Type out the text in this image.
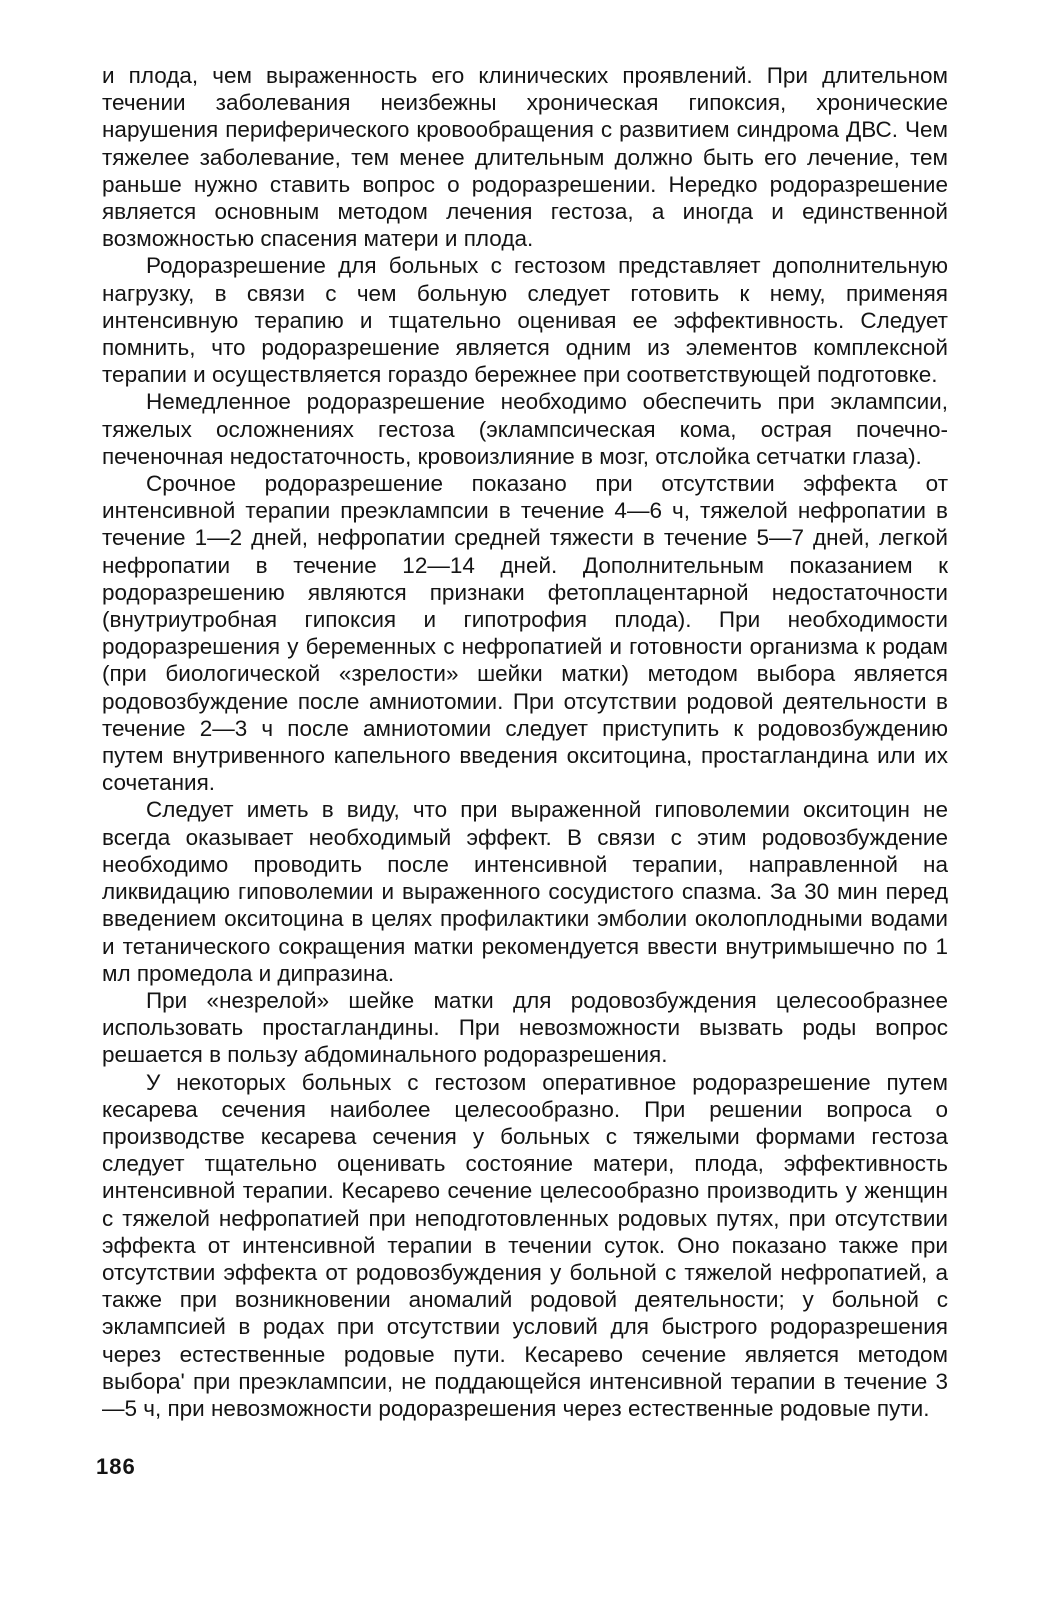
и плода, чем выраженность его клинических проявлений. При длительном течении заболевания неизбежны хроническая гипоксия, хронические нарушения периферического кровообращения с развитием синдрома ДВС. Чем тяжелее заболевание, тем менее длительным должно быть его лечение, тем раньше нужно ставить вопрос о родоразрешении. Нередко родоразрешение является основным методом лечения гестоза, а иногда и единственной возможностью спасения матери и плода.

Родоразрешение для больных с гестозом представляет дополнительную нагрузку, в связи с чем больную следует готовить к нему, применяя интенсивную терапию и тщательно оценивая ее эффективность. Следует помнить, что родоразрешение является одним из элементов комплексной терапии и осуществляется гораздо бережнее при соответствующей подготовке.

Немедленное родоразрешение необходимо обеспечить при эклампсии, тяжелых осложнениях гестоза (эклампсическая кома, острая почечно-печеночная недостаточность, кровоизлияние в мозг, отслойка сетчатки глаза).

Срочное родоразрешение показано при отсутствии эффекта от интенсивной терапии преэклампсии в течение 4—6 ч, тяжелой нефропатии в течение 1—2 дней, нефропатии средней тяжести в течение 5—7 дней, легкой нефропатии в течение 12—14 дней. Дополнительным показанием к родоразрешению являются признаки фетоплацентарной недостаточности (внутриутробная гипоксия и гипотрофия плода). При необходимости родоразрешения у беременных с нефропатией и готовности организма к родам (при биологической «зрелости» шейки матки) методом выбора является родовозбуждение после амниотомии. При отсутствии родовой деятельности в течение 2—3 ч после амниотомии следует приступить к родовозбуждению путем внутривенного капельного введения окситоцина, простагландина или их сочетания.

Следует иметь в виду, что при выраженной гиповолемии окситоцин не всегда оказывает необходимый эффект. В связи с этим родовозбуждение необходимо проводить после интенсивной терапии, направленной на ликвидацию гиповолемии и выраженного сосудистого спазма. За 30 мин перед введением окситоцина в целях профилактики эмболии околоплодными водами и тетанического сокращения матки рекомендуется ввести внутримышечно по 1 мл промедола и дипразина.

При «незрелой» шейке матки для родовозбуждения целесообразнее использовать простагландины. При невозможности вызвать роды вопрос решается в пользу абдоминального родоразрешения.

У некоторых больных с гестозом оперативное родоразрешение путем кесарева сечения наиболее целесообразно. При решении вопроса о производстве кесарева сечения у больных с тяжелыми формами гестоза следует тщательно оценивать состояние матери, плода, эффективность интенсивной терапии. Кесарево сечение целесообразно производить у женщин с тяжелой нефропатией при неподготовленных родовых путях, при отсутствии эффекта от интенсивной терапии в течении суток. Оно показано также при отсутствии эффекта от родовозбуждения у больной с тяжелой нефропатией, а также при возникновении аномалий родовой деятельности; у больной с эклампсией в родах при отсутствии условий для быстрого родоразрешения через естественные родовые пути. Кесарево сечение является методом выбора' при преэклампсии, не поддающейся интенсивной терапии в течение 3—5 ч, при невозможности родоразрешения через естественные родовые пути.

186
